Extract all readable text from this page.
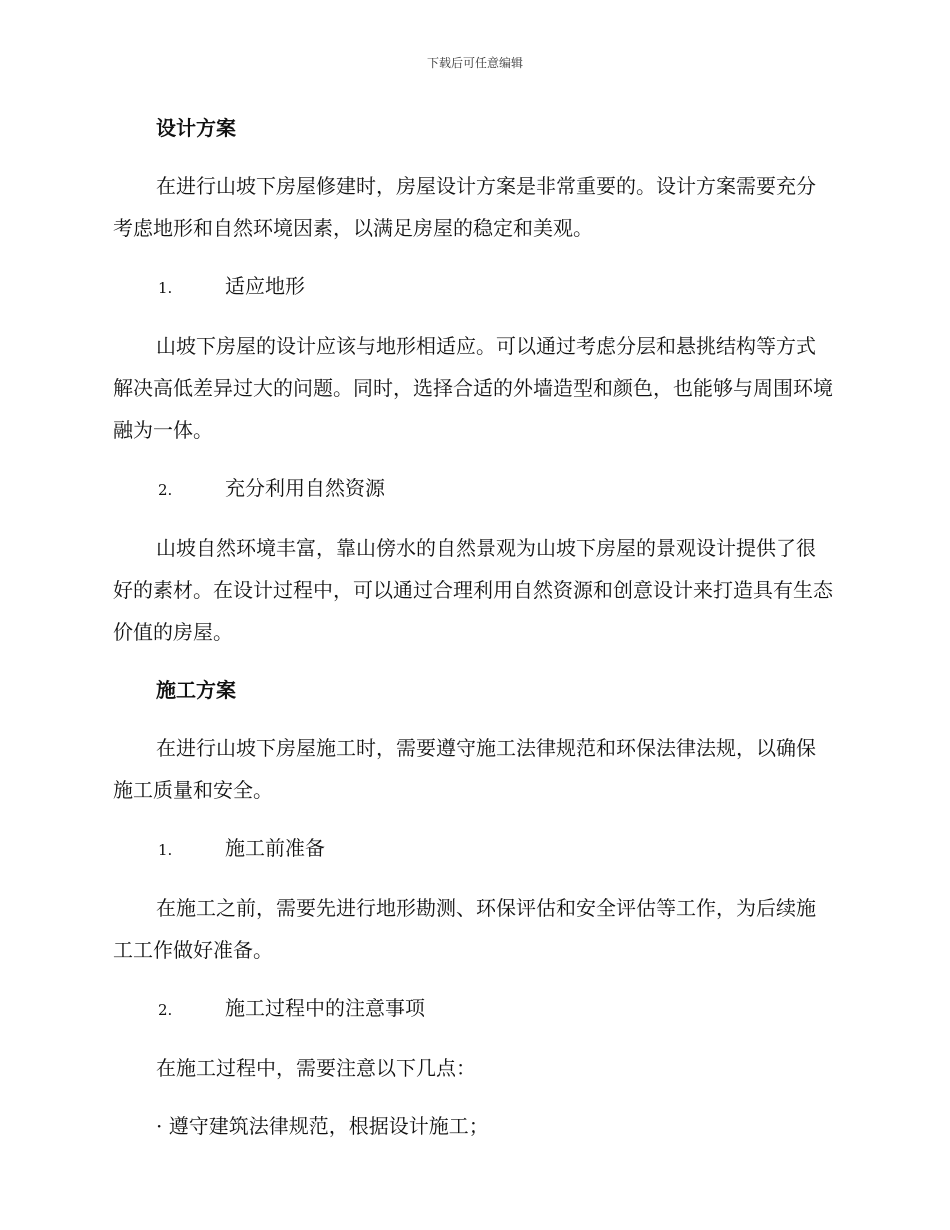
下载后可任意编辑

设计方案

在进行山坡下房屋修建时，房屋设计方案是非常重要的。设计方案需要充分考虑地形和自然环境因素，以满足房屋的稳定和美观。

1.	适应地形

山坡下房屋的设计应该与地形相适应。可以通过考虑分层和悬挑结构等方式解决高低差异过大的问题。同时，选择合适的外墙造型和颜色，也能够与周围环境融为一体。

2.	充分利用自然资源

山坡自然环境丰富，靠山傍水的自然景观为山坡下房屋的景观设计提供了很好的素材。在设计过程中，可以通过合理利用自然资源和创意设计来打造具有生态价值的房屋。

施工方案

在进行山坡下房屋施工时，需要遵守施工法律规范和环保法律法规，以确保施工质量和安全。

1.	施工前准备

在施工之前，需要先进行地形勘测、环保评估和安全评估等工作，为后续施工工作做好准备。

2.	施工过程中的注意事项

在施工过程中，需要注意以下几点：

· 遵守建筑法律规范，根据设计施工；
